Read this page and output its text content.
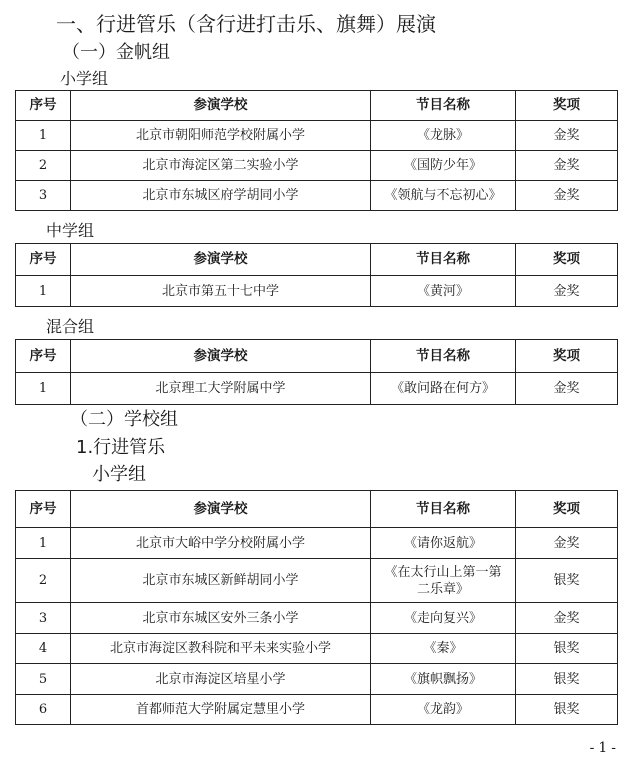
一、行进管乐（含行进打击乐、旗舞）展演
（一）金帆组
小学组
序号	参演学校	节目名称	奖项
1	北京市朝阳师范学校附属小学	《龙脉》	金奖
2	北京市海淀区第二实验小学	《国防少年》	金奖
3	北京市东城区府学胡同小学	《领航与不忘初心》	金奖
中学组
序号	参演学校	节目名称	奖项
1	北京市第五十七中学	《黄河》	金奖
混合组
序号	参演学校	节目名称	奖项
1	北京理工大学附属中学	《敢问路在何方》	金奖
（二）学校组
1.行进管乐
小学组
序号	参演学校	节目名称	奖项
1	北京市大峪中学分校附属小学	《请你返航》	金奖
2	北京市东城区新鲜胡同小学	《在太行山上第一第二乐章》	银奖
3	北京市东城区安外三条小学	《走向复兴》	金奖
4	北京市海淀区教科院和平未来实验小学	《秦》	银奖
5	北京市海淀区培星小学	《旗帜飘扬》	银奖
6	首都师范大学附属定慧里小学	《龙韵》	银奖
-1-
